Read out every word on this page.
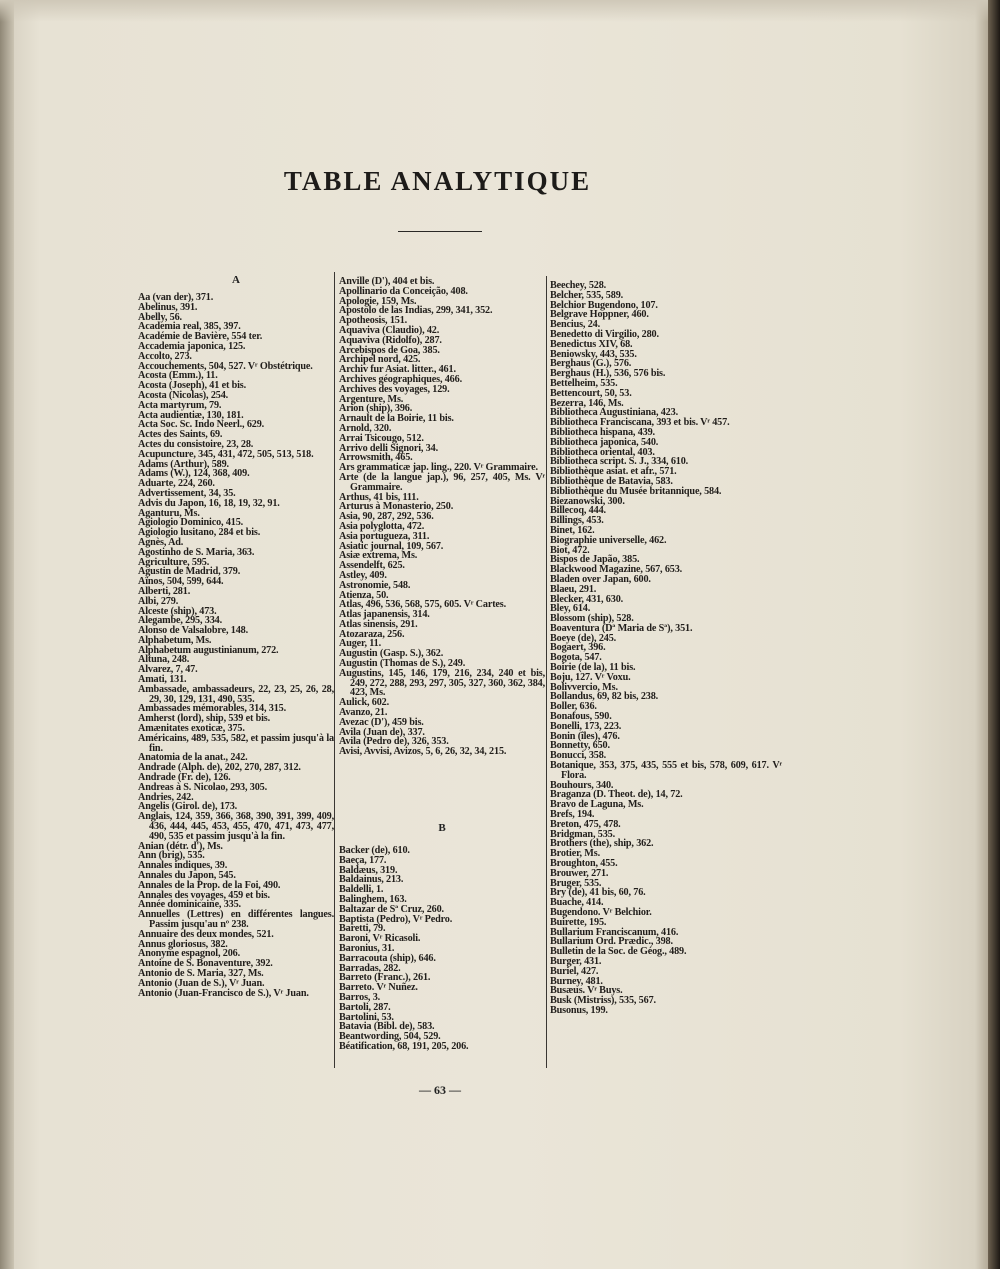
TABLE ANALYTIQUE
A
Aa (van der), 371.
Abelinus, 391.
Abelly, 56.
Academia real, 385, 397.
Académie de Bavière, 554 ter.
Accademia japonica, 125.
Accolto, 273.
Accouchements, 504, 527. Vʳ Obstétrique.
Acosta (Emm.), 11.
Acosta (Joseph), 41 et bis.
Acosta (Nicolas), 254.
Acta martyrum, 79.
Acta audientiæ, 130, 181.
Acta Soc. Sc. Indo Neerl., 629.
Actes des Saints, 69.
Actes du consistoire, 23, 28.
Acupuncture, 345, 431, 472, 505, 513, 518.
Adams (Arthur), 589.
Adams (W.), 124, 368, 409.
Aduarte, 224, 260.
Advertissement, 34, 35.
Advis du Japon, 16, 18, 19, 32, 91.
Aganturu, Ms.
Agiologio Dominico, 415.
Agiologio lusitano, 284 et bis.
Agnès, Ad.
Agostinho de S. Maria, 363.
Agriculture, 595.
Agustin de Madrid, 379.
Aïnos, 504, 599, 644.
Alberti, 281.
Albi, 279.
Alceste (ship), 473.
Alegambe, 295, 334.
Alonso de Valsalobre, 148.
Alphabetum, Ms.
Alphabetum augustinianum, 272.
Altuna, 248.
Alvarez, 7, 47.
Amati, 131.
Ambassade, ambassadeurs, 22, 23, 25, 26, 28, 29, 30, 129, 131, 490, 535.
Ambassades mémorables, 314, 315.
Amherst (lord), ship, 539 et bis.
Amænitates exoticæ, 375.
Américains, 489, 535, 582, et passim jusqu'à la fin.
Anatomia de la anat., 242.
Andrade (Alph. de), 202, 270, 287, 312.
Andrade (Fr. de), 126.
Andreas à S. Nicolao, 293, 305.
Andries, 242.
Angelis (Girol. de), 173.
Anglais, 124, 359, 366, 368, 390, 391, 399, 409, 436, 444, 445, 453, 455, 470, 471, 473, 477, 490, 535 et passim jusqu'à la fin.
Anian (détr. d'), Ms.
Ann (brig), 535.
Annales indiques, 39.
Annales du Japon, 545.
Annales de la Prop. de la Foi, 490.
Annales des voyages, 459 et bis.
Année dominicaine, 335.
Annuelles (Lettres) en différentes langues. Passim jusqu'au nº 238.
Annuaire des deux mondes, 521.
Annus gloriosus, 382.
Anonyme espagnol, 206.
Antoine de S. Bonaventure, 392.
Antonio de S. Maria, 327, Ms.
Antonio (Juan de S.), Vʳ Juan.
Antonio (Juan-Francisco de S.), Vʳ Juan.
Anville (D'), 404 et bis.
Apollinario da Conceição, 408.
Apologie, 159, Ms.
Apostolo de las Indias, 299, 341, 352.
Apotheosis, 151.
Aquaviva (Claudio), 42.
Aquaviva (Ridolfo), 287.
Arcebispos de Goa, 385.
Archipel nord, 425.
Archiv fur Asiat. litter., 461.
Archives géographiques, 466.
Archives des voyages, 129.
Argenture, Ms.
Arion (ship), 396.
Arnault de la Boirie, 11 bis.
Arnold, 320.
Arrai Tsicougo, 512.
Arrivo delli Signori, 34.
Arrowsmith, 465.
Ars grammaticæ jap. ling., 220. Vʳ Grammaire.
Arte (de la langue jap.), 96, 257, 405, Ms. Vʳ Grammaire.
Arthus, 41 bis, 111.
Arturus à Monasterio, 250.
Asia, 90, 287, 292, 536.
Asia polyglotta, 472.
Asia portugueza, 311.
Asiatic journal, 109, 567.
Asiæ extrema, Ms.
Assendelft, 625.
Astley, 409.
Astronomie, 548.
Atienza, 50.
Atlas, 496, 536, 568, 575, 605. Vʳ Cartes.
Atlas japanensis, 314.
Atlas sinensis, 291.
Atozaraza, 256.
Auger, 11.
Augustin (Gasp. S.), 362.
Augustin (Thomas de S.), 249.
Augustins, 145, 146, 179, 216, 234, 240 et bis, 249, 272, 288, 293, 297, 305, 327, 360, 362, 384, 423, Ms.
Aulick, 602.
Avanzo, 21.
Avezac (D'), 459 bis.
Avila (Juan de), 337.
Avila (Pedro de), 326, 353.
Avisi, Avvisi, Avizos, 5, 6, 26, 32, 34, 215.
B
Backer (de), 610.
Baeça, 177.
Baldæus, 319.
Baldainus, 213.
Baldelli, 1.
Balinghem, 163.
Baltazar de Sª Cruz, 260.
Baptista (Pedro), Vʳ Pedro.
Baretti, 79.
Baroni, Vʳ Ricasoli.
Baronius, 31.
Barracouta (ship), 646.
Barradas, 282.
Barreto (Franc.), 261.
Barreto. Vʳ Nuñez.
Barros, 3.
Bartoli, 287.
Bartolini, 53.
Batavia (Bibl. de), 583.
Beantwording, 504, 529.
Béatification, 68, 191, 205, 206.
Beechey, 528.
Belcher, 535, 589.
Belchior Bugendono, 107.
Belgrave Hoppner, 460.
Bencius, 24.
Benedetto di Virgilio, 280.
Benedictus XIV, 68.
Beniowsky, 443, 535.
Berghaus (G.), 576.
Berghaus (H.), 536, 576 bis.
Bettelheim, 535.
Bettencourt, 50, 53.
Bezerra, 146, Ms.
Bibliotheca Augustiniana, 423.
Bibliotheca Franciscana, 393 et bis. Vʳ 457.
Bibliotheca hispana, 439.
Bibliotheca japonica, 540.
Bibliotheca oriental, 403.
Bibliotheca script. S. J., 334, 610.
Bibliothèque asiat. et afr., 571.
Bibliothèque de Batavia, 583.
Bibliothèque du Musée britannique, 584.
Biezanowski, 300.
Billecoq, 444.
Billings, 453.
Binet, 162.
Biographie universelle, 462.
Biot, 472.
Bispos de Japão, 385.
Blackwood Magazine, 567, 653.
Bladen over Japan, 600.
Blaeu, 291.
Blecker, 431, 630.
Bley, 614.
Blossom (ship), 528.
Boaventura (Dª Maria de Sª), 351.
Boeye (de), 245.
Bogaert, 396.
Bogota, 547.
Boirie (de la), 11 bis.
Boju, 127. Vʳ Voxu.
Bolivvercio, Ms.
Bollandus, 69, 82 bis, 238.
Boller, 636.
Bonafous, 590.
Bonelli, 173, 223.
Bonin (îles), 476.
Bonnetty, 650.
Bonucci, 358.
Botanique, 353, 375, 435, 555 et bis, 578, 609, 617. Vʳ Flora.
Bouhours, 340.
Braganza (D. Theot. de), 14, 72.
Bravo de Laguna, Ms.
Brefs, 194.
Breton, 475, 478.
Bridgman, 535.
Brothers (the), ship, 362.
Brotier, Ms.
Broughton, 455.
Brouwer, 271.
Bruger, 535.
Bry (de), 41 bis, 60, 76.
Buache, 414.
Bugendono. Vʳ Belchior.
Buirette, 195.
Bullarium Franciscanum, 416.
Bullarium Ord. Prædic., 398.
Bulletin de la Soc. de Géog., 489.
Burger, 431.
Buriel, 427.
Burney, 481.
Busæus. Vʳ Buys.
Busk (Mistriss), 535, 567.
Busonus, 199.
— 63 —
